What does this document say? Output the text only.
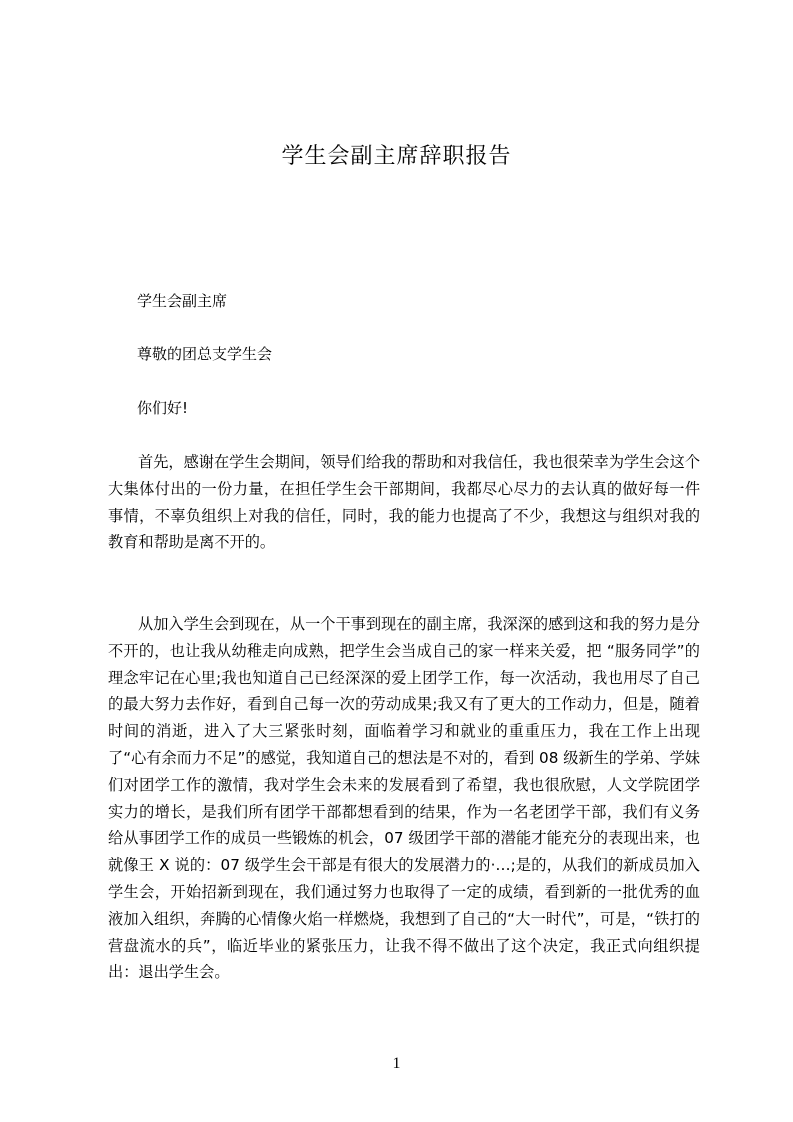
学生会副主席辞职报告
学生会副主席
尊敬的团总支学生会
你们好!

首先，感谢在学生会期间，领导们给我的帮助和对我信任，我也很荣幸为学生会这个大集体付出的一份力量，在担任学生会干部期间，我都尽心尽力的去认真的做好每一件事情，不辜负组织上对我的信任，同时，我的能力也提高了不少，我想这与组织对我的教育和帮助是离不开的。

从加入学生会到现在，从一个干事到现在的副主席，我深深的感到这和我的努力是分不开的，也让我从幼稚走向成熟，把学生会当成自己的家一样来关爱，把 “服务同学”的理念牢记在心里;我也知道自己已经深深的爱上团学工作，每一次活动，我也用尽了自己的最大努力去作好，看到自己每一次的劳动成果;我又有了更大的工作动力，但是，随着时间的消逝，进入了大三紧张时刻，面临着学习和就业的重重压力，我在工作上出现了“心有余而力不足”的感觉，我知道自己的想法是不对的，看到 08 级新生的学弟、学妹们对团学工作的激情，我对学生会未来的发展看到了希望，我也很欣慰，人文学院团学实力的增长，是我们所有团学干部都想看到的结果，作为一名老团学干部，我们有义务给从事团学工作的成员一些锻炼的机会，07 级团学干部的潜能才能充分的表现出来，也就像王 X 说的：07 级学生会干部是有很大的发展潜力的·…;是的，从我们的新成员加入学生会，开始招新到现在，我们通过努力也取得了一定的成绩，看到新的一批优秀的血液加入组织，奔腾的心情像火焰一样燃烧，我想到了自己的“大一时代”，可是，“铁打的营盘流水的兵”，临近毕业的紧张压力，让我不得不做出了这个决定，我正式向组织提出：退出学生会。

1
